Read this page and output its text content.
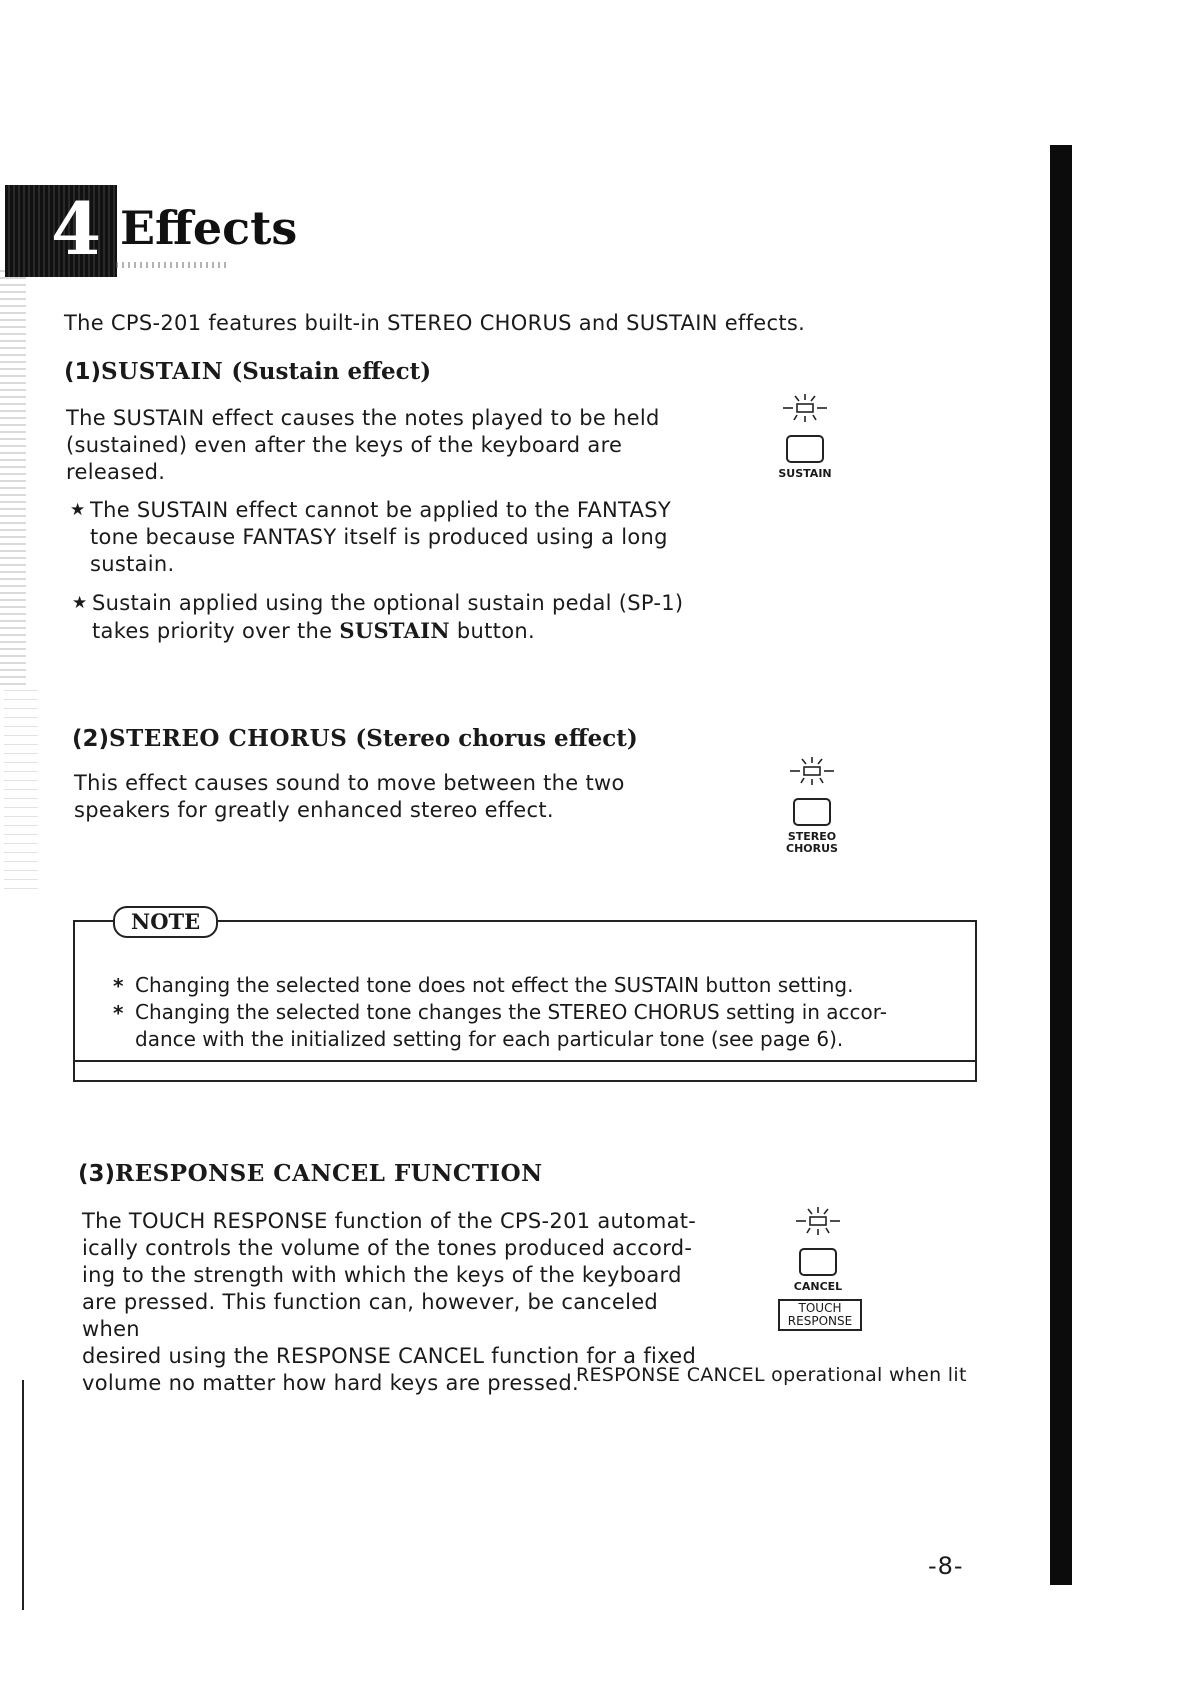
4 Effects
The CPS-201 features built-in STEREO CHORUS and SUSTAIN effects.
(1)SUSTAIN (Sustain effect)
The SUSTAIN effect causes the notes played to be held
(sustained) even after the keys of the keyboard are
released.
★ The SUSTAIN effect cannot be applied to the FANTASY
tone because FANTASY itself is produced using a long
sustain.
★ Sustain applied using the optional sustain pedal (SP-1)
takes priority over the SUSTAIN button.
SUSTAIN
(2)STEREO CHORUS (Stereo chorus effect)
This effect causes sound to move between the two
speakers for greatly enhanced stereo effect.
STEREO
CHORUS
NOTE
* Changing the selected tone does not effect the SUSTAIN button setting.
* Changing the selected tone changes the STEREO CHORUS setting in accor-
dance with the initialized setting for each particular tone (see page 6).
(3)RESPONSE CANCEL FUNCTION
The TOUCH RESPONSE function of the CPS-201 automat-
ically controls the volume of the tones produced accord-
ing to the strength with which the keys of the keyboard
are pressed. This function can, however, be canceled when
desired using the RESPONSE CANCEL function for a fixed
volume no matter how hard keys are pressed.
CANCEL
TOUCH
RESPONSE
RESPONSE CANCEL operational when lit
-8-
